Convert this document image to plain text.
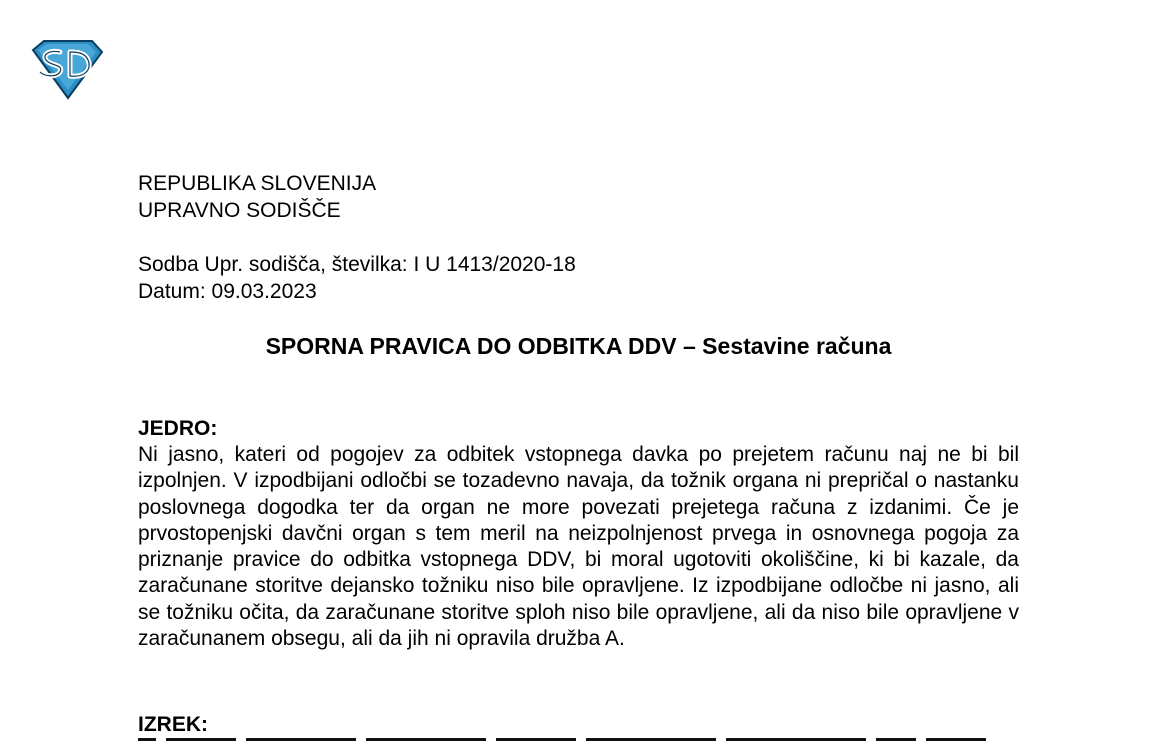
REPUBLIKA SLOVENIJA
UPRAVNO SODIŠČE
Sodba Upr. sodišča, številka: I U 1413/2020-18
Datum: 09.03.2023
SPORNA PRAVICA DO ODBITKA DDV – Sestavine računa
JEDRO:
Ni jasno, kateri od pogojev za odbitek vstopnega davka po prejetem računu naj ne bi bil izpolnjen. V izpodbijani odločbi se tozadevno navaja, da tožnik organa ni prepričal o nastanku poslovnega dogodka ter da organ ne more povezati prejetega računa z izdanimi. Če je prvostopenjski davčni organ s tem meril na neizpolnjenost prvega in osnovnega pogoja za priznanje pravice do odbitka vstopnega DDV, bi moral ugotoviti okoliščine, ki bi kazale, da zaračunane storitve dejansko tožniku niso bile opravljene. Iz izpodbijane odločbe ni jasno, ali se tožniku očita, da zaračunane storitve sploh niso bile opravljene, ali da niso bile opravljene v zaračunanem obsegu, ali da jih ni opravila družba A.
IZREK:
